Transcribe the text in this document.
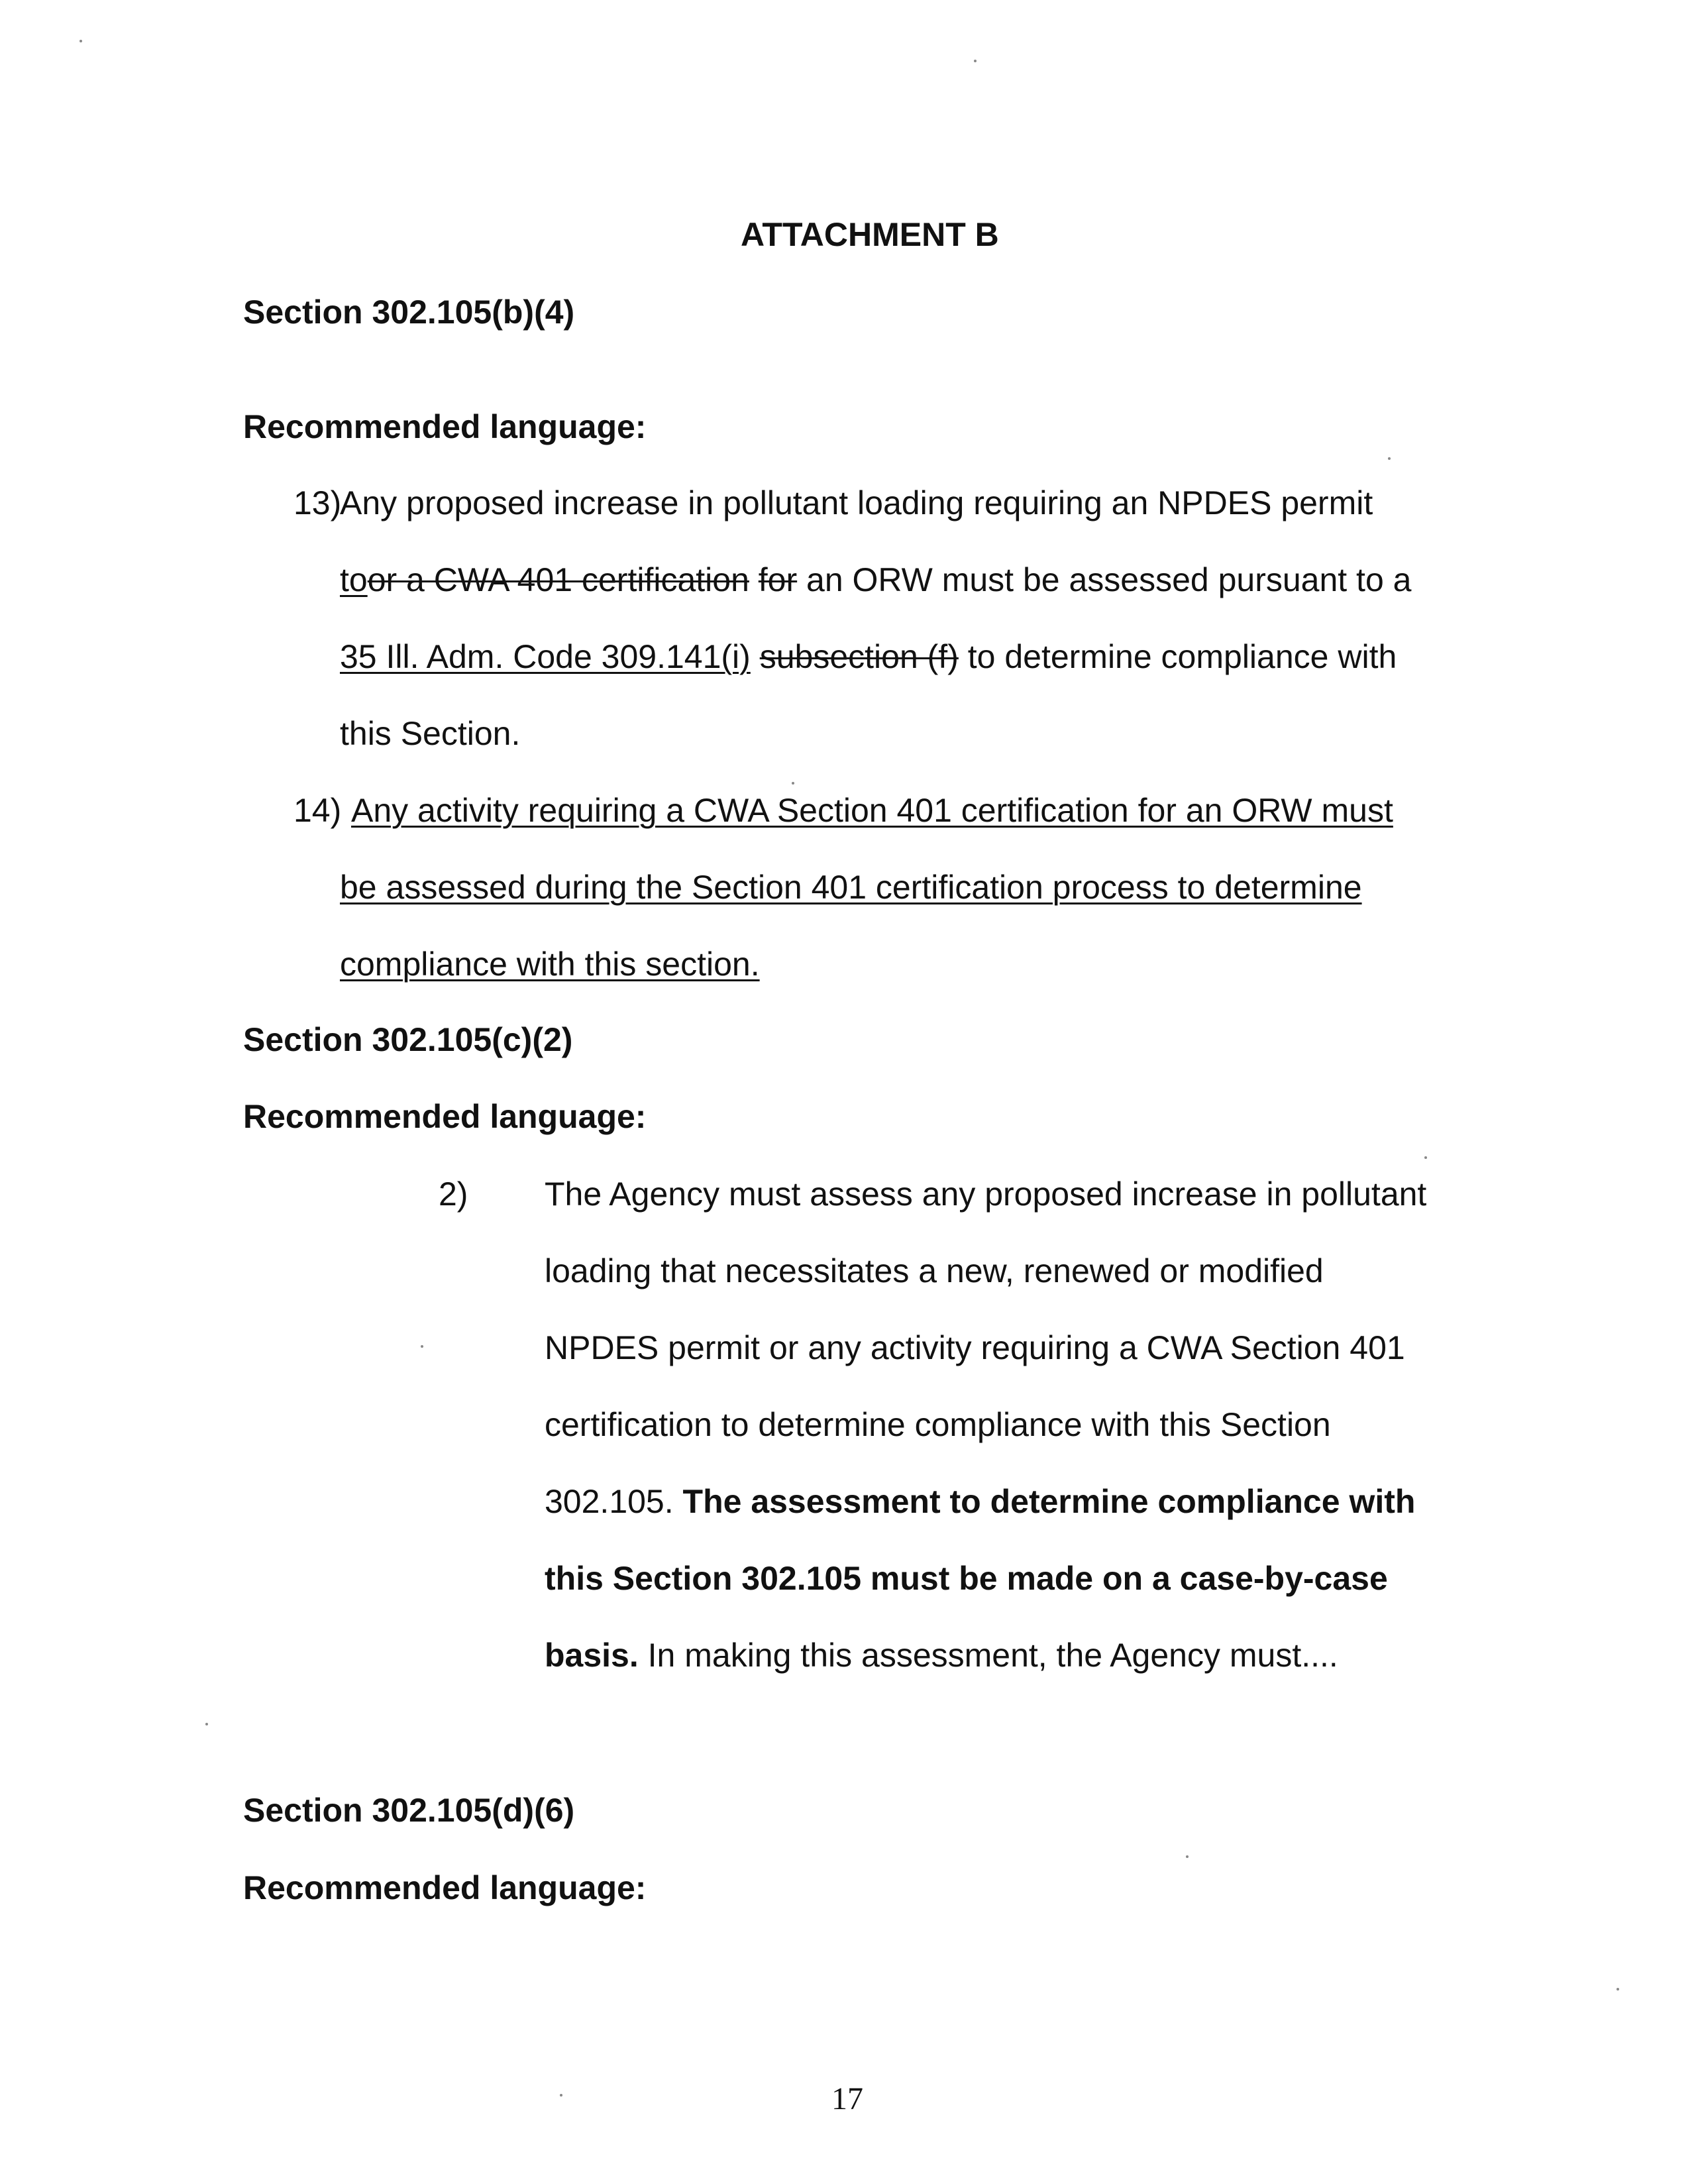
ATTACHMENT B
Section 302.105(b)(4)
Recommended language:
13)
Any proposed increase in pollutant loading requiring an NPDES permit
toor a CWA 401 certification for an ORW must be assessed pursuant to a
35 Ill. Adm. Code 309.141(i) subsection (f) to determine compliance with
this Section.
14) Any activity requiring a CWA Section 401 certification for an ORW must
be assessed during the Section 401 certification process to determine
compliance with this section.
Section 302.105(c)(2)
Recommended language:
2) The Agency must assess any proposed increase in pollutant
loading that necessitates a new, renewed or modified
NPDES permit or any activity requiring a CWA Section 401
certification to determine compliance with this Section
302.105. The assessment to determine compliance with
this Section 302.105 must be made on a case-by-case
basis. In making this assessment, the Agency must....
Section 302.105(d)(6)
Recommended language:
17
